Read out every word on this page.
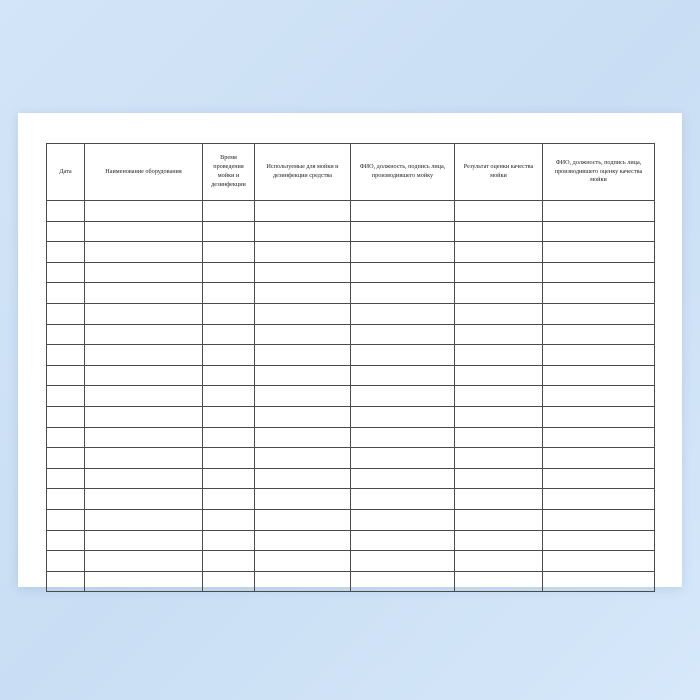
Дата	Наименование оборудования	Время проведения мойки и дезинфекции	Используемые для мойки и дезинфекции средства	ФИО, должность, подпись лица, производившего мойку	Результат оценки качества мойки	ФИО, должность, подпись лица, производившего оценку качества мойки
